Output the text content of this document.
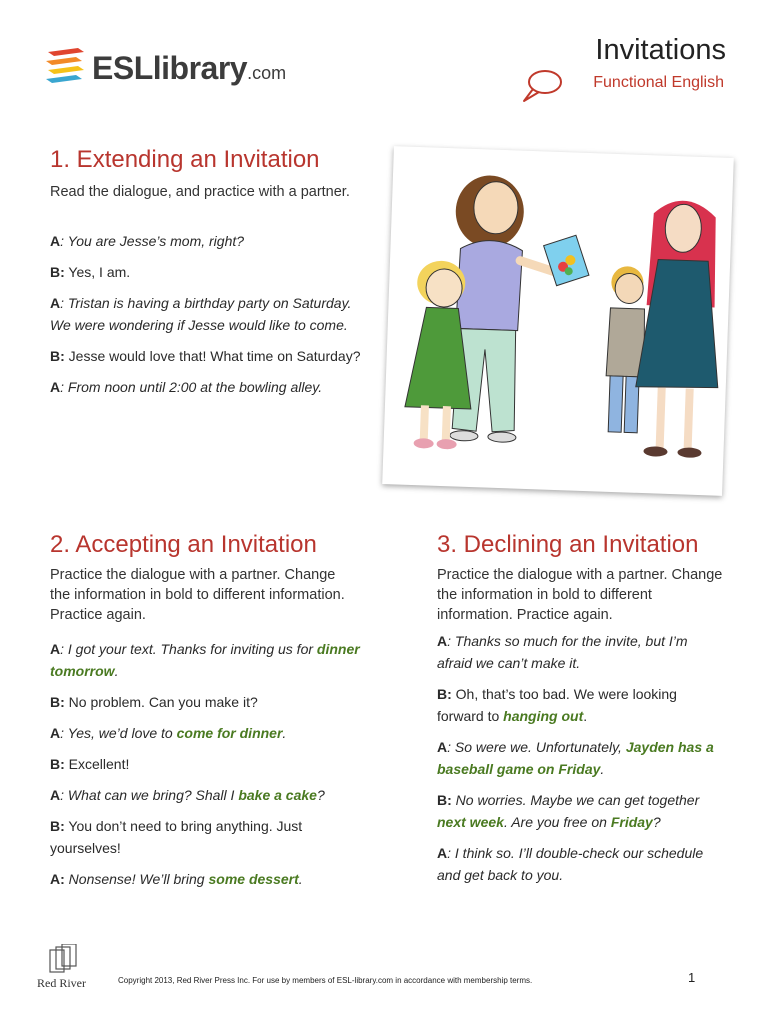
ESLlibrary.com
Invitations
Functional English
1. Extending an Invitation
Read the dialogue, and practice with a partner.
A: You are Jesse’s mom, right?
B: Yes, I am.
A: Tristan is having a birthday party on Saturday. We were wondering if Jesse would like to come.
B: Jesse would love that! What time on Saturday?
A: From noon until 2:00 at the bowling alley.
2. Accepting an Invitation
Practice the dialogue with a partner. Change the information in bold to different information. Practice again.
A: I got your text. Thanks for inviting us for dinner tomorrow.
B: No problem. Can you make it?
A: Yes, we’d love to come for dinner.
B: Excellent!
A: What can we bring? Shall I bake a cake?
B: You don’t need to bring anything. Just yourselves!
A: Nonsense! We’ll bring some dessert.
3. Declining an Invitation
Practice the dialogue with a partner. Change the information in bold to different information. Practice again.
A: Thanks so much for the invite, but I’m afraid we can’t make it.
B: Oh, that’s too bad. We were looking forward to hanging out.
A: So were we. Unfortunately, Jayden has a baseball game on Friday.
B: No worries. Maybe we can get together next week. Are you free on Friday?
A: I think so. I’ll double-check our schedule and get back to you.
Red River	Copyright 2013, Red River Press Inc. For use by members of ESL-library.com in accordance with membership terms.	1
